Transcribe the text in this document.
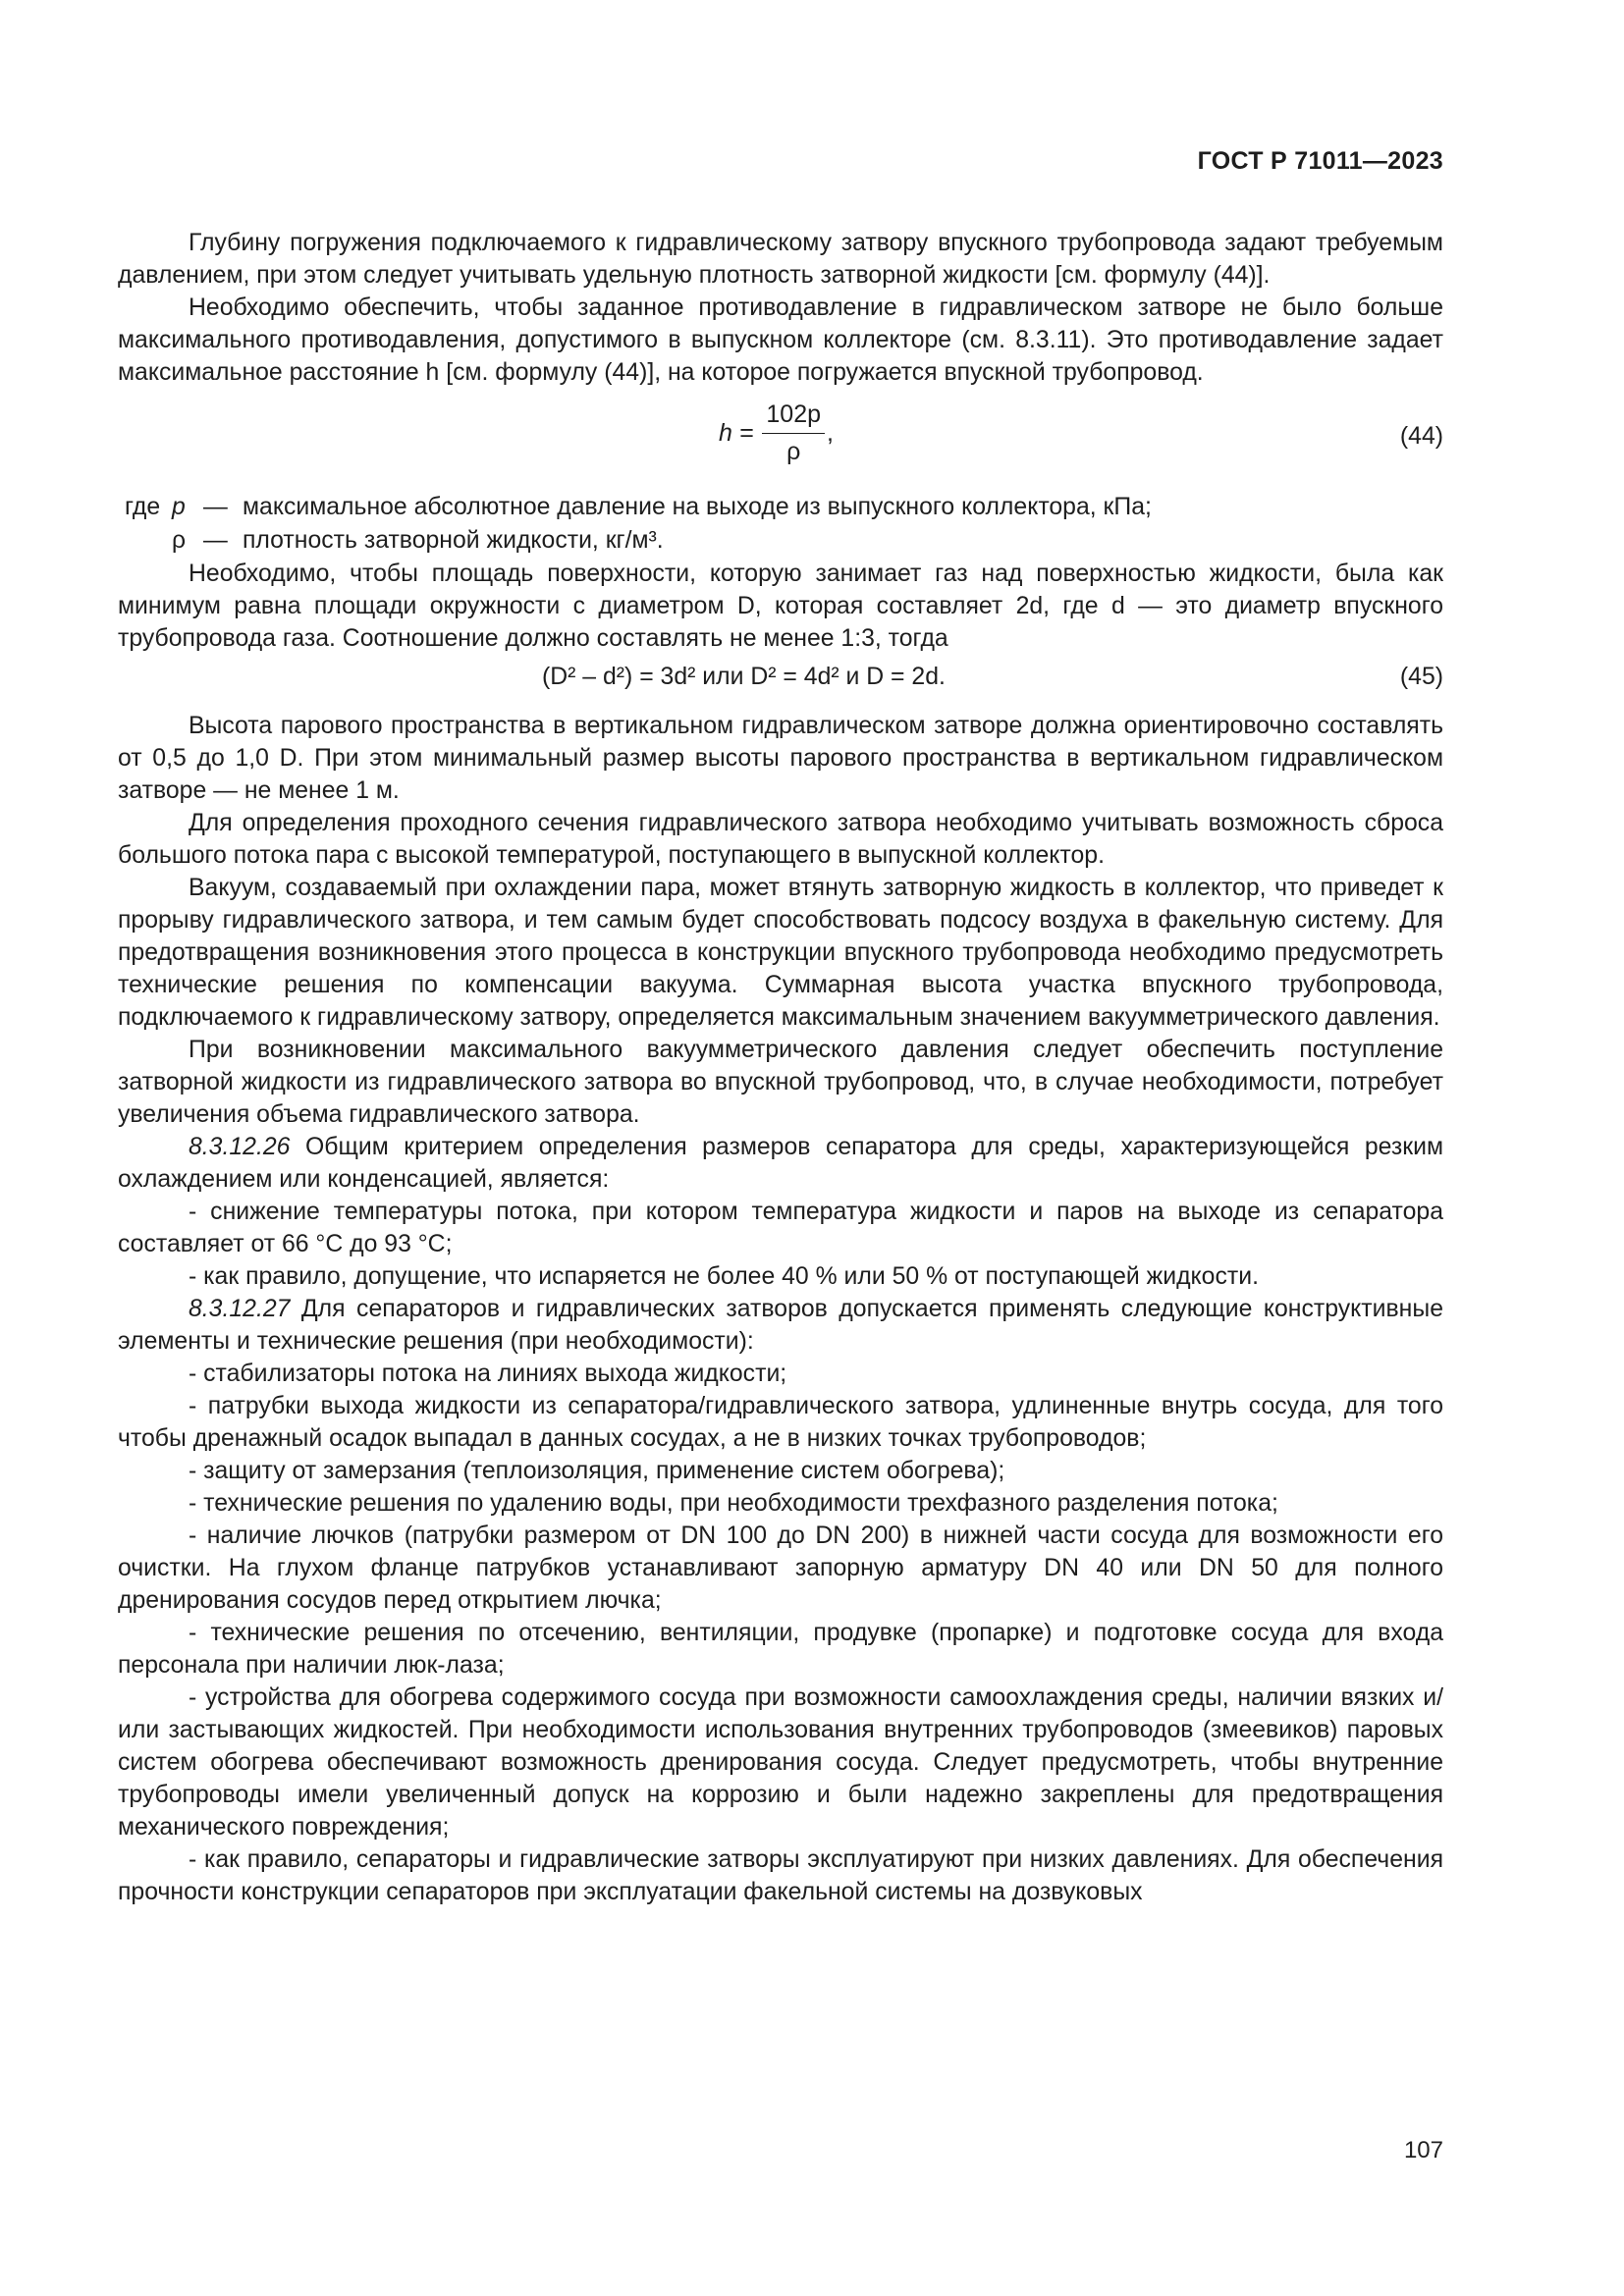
ГОСТ Р 71011—2023

Глубину погружения подключаемого к гидравлическому затвору впускного трубопровода задают требуемым давлением, при этом следует учитывать удельную плотность затворной жидкости [см. формулу (44)].

Необходимо обеспечить, чтобы заданное противодавление в гидравлическом затворе не было больше максимального противодавления, допустимого в выпускном коллекторе (см. 8.3.11). Это противодавление задает максимальное расстояние h [см. формулу (44)], на которое погружается впускной трубопровод.

$h = \frac{102p}{\rho}$ ,	(44)
где p — максимальное абсолютное давление на выходе из выпускного коллектора, кПа;
ρ — плотность затворной жидкости, кг/м³.

Необходимо, чтобы площадь поверхности, которую занимает газ над поверхностью жидкости, была как минимум равна площади окружности с диаметром D, которая составляет 2d, где d — это диаметр впускного трубопровода газа. Соотношение должно составлять не менее 1:3, тогда

(D² – d²) = 3d² или D² = 4d² и D = 2d.	(45)

Высота парового пространства в вертикальном гидравлическом затворе должна ориентировочно составлять от 0,5 до 1,0 D. При этом минимальный размер высоты парового пространства в вертикальном гидравлическом затворе — не менее 1 м.

Для определения проходного сечения гидравлического затвора необходимо учитывать возможность сброса большого потока пара с высокой температурой, поступающего в выпускной коллектор.

Вакуум, создаваемый при охлаждении пара, может втянуть затворную жидкость в коллектор, что приведет к прорыву гидравлического затвора, и тем самым будет способствовать подсосу воздуха в факельную систему. Для предотвращения возникновения этого процесса в конструкции впускного трубопровода необходимо предусмотреть технические решения по компенсации вакуума. Суммарная высота участка впускного трубопровода, подключаемого к гидравлическому затвору, определяется максимальным значением вакуумметрического давления.

При возникновении максимального вакуумметрического давления следует обеспечить поступление затворной жидкости из гидравлического затвора во впускной трубопровод, что, в случае необходимости, потребует увеличения объема гидравлического затвора.

8.3.12.26 Общим критерием определения размеров сепаратора для среды, характеризующейся резким охлаждением или конденсацией, является:

- снижение температуры потока, при котором температура жидкости и паров на выходе из сепаратора составляет от 66 °С до 93 °С;

- как правило, допущение, что испаряется не более 40 % или 50 % от поступающей жидкости.

8.3.12.27 Для сепараторов и гидравлических затворов допускается применять следующие конструктивные элементы и технические решения (при необходимости):

- стабилизаторы потока на линиях выхода жидкости;

- патрубки выхода жидкости из сепаратора/гидравлического затвора, удлиненные внутрь сосуда, для того чтобы дренажный осадок выпадал в данных сосудах, а не в низких точках трубопроводов;

- защиту от замерзания (теплоизоляция, применение систем обогрева);

- технические решения по удалению воды, при необходимости трехфазного разделения потока;

- наличие лючков (патрубки размером от DN 100 до DN 200) в нижней части сосуда для возможности его очистки. На глухом фланце патрубков устанавливают запорную арматуру DN 40 или DN 50 для полного дренирования сосудов перед открытием лючка;

- технические решения по отсечению, вентиляции, продувке (пропарке) и подготовке сосуда для входа персонала при наличии люк-лаза;

- устройства для обогрева содержимого сосуда при возможности самоохлаждения среды, наличии вязких и/или застывающих жидкостей. При необходимости использования внутренних трубопроводов (змеевиков) паровых систем обогрева обеспечивают возможность дренирования сосуда. Следует предусмотреть, чтобы внутренние трубопроводы имели увеличенный допуск на коррозию и были надежно закреплены для предотвращения механического повреждения;

- как правило, сепараторы и гидравлические затворы эксплуатируют при низких давлениях. Для обеспечения прочности конструкции сепараторов при эксплуатации факельной системы на дозвуковых

107
